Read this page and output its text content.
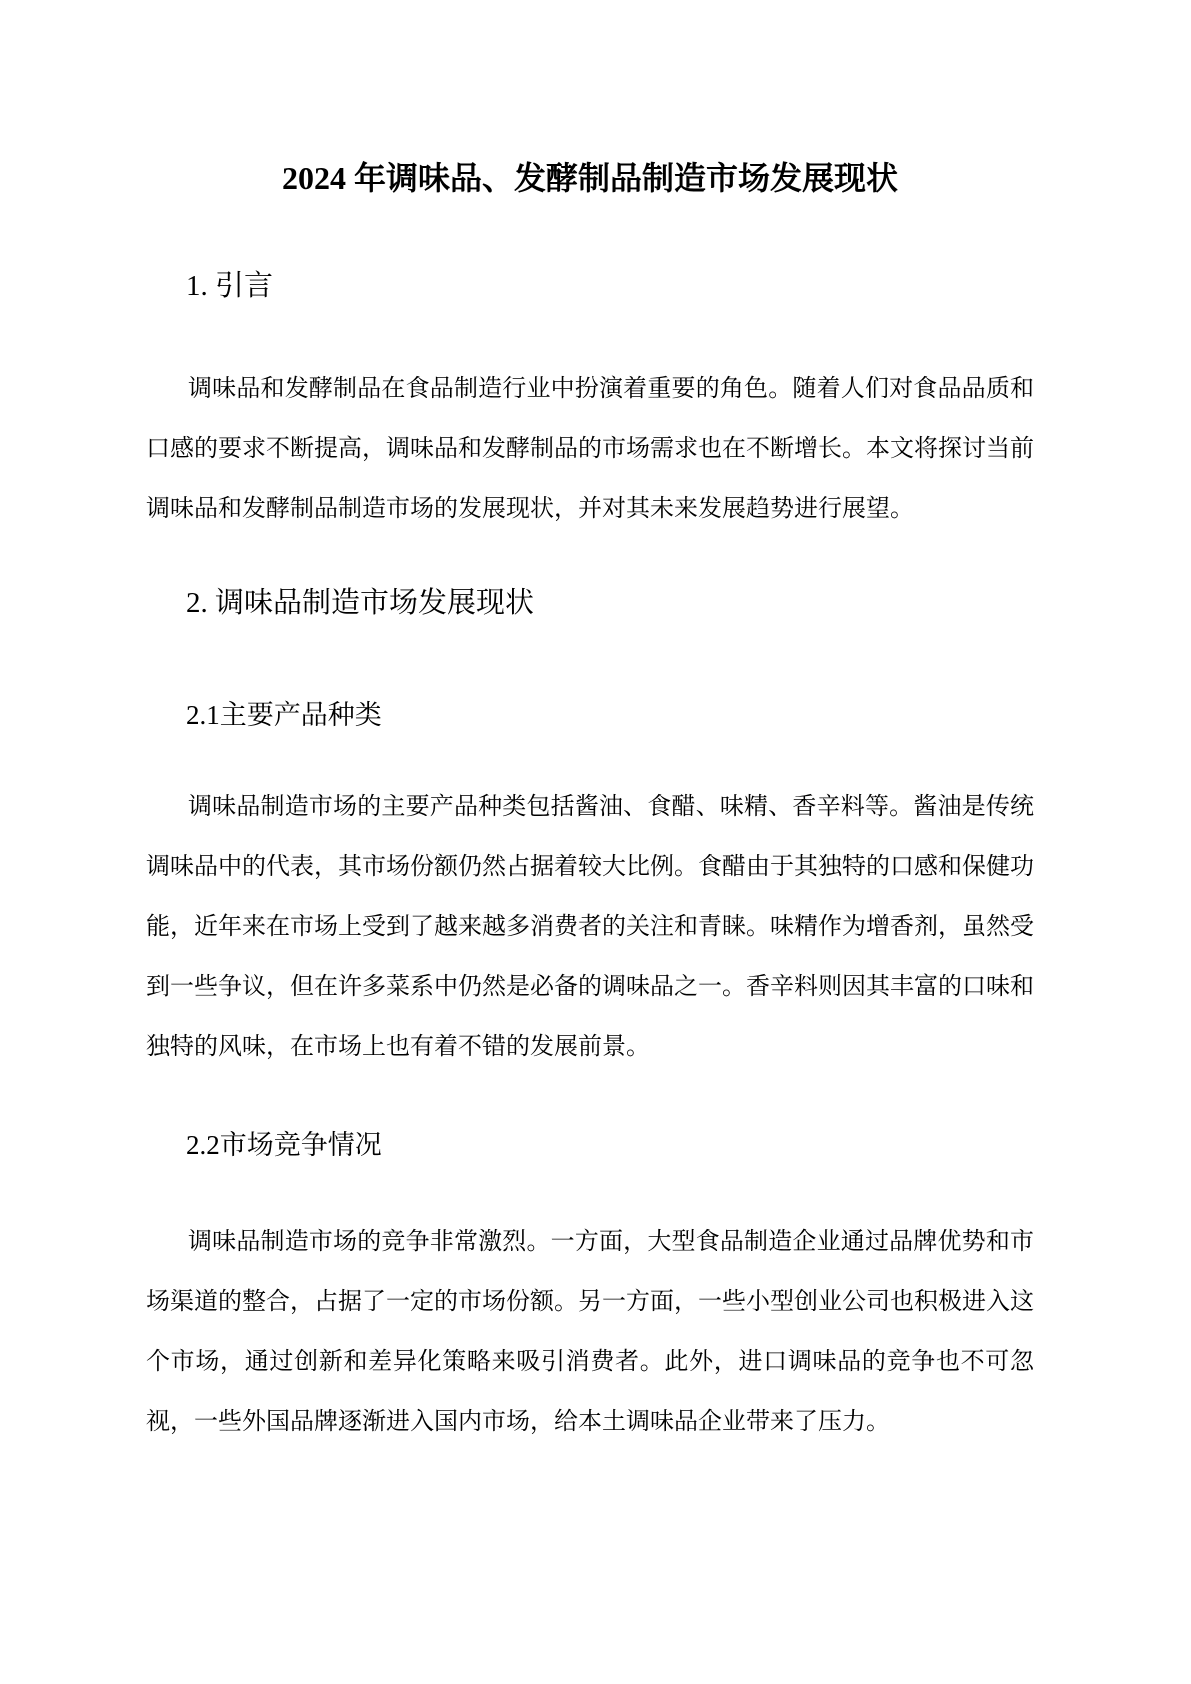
2024 年调味品、发酵制品制造市场发展现状
1. 引言

调味品和发酵制品在食品制造行业中扮演着重要的角色。随着人们对食品品质和口感的要求不断提高，调味品和发酵制品的市场需求也在不断增长。本文将探讨当前调味品和发酵制品制造市场的发展现状，并对其未来发展趋势进行展望。

2. 调味品制造市场发展现状
2.1主要产品种类

调味品制造市场的主要产品种类包括酱油、食醋、味精、香辛料等。酱油是传统调味品中的代表，其市场份额仍然占据着较大比例。食醋由于其独特的口感和保健功能，近年来在市场上受到了越来越多消费者的关注和青睐。味精作为增香剂，虽然受到一些争议，但在许多菜系中仍然是必备的调味品之一。香辛料则因其丰富的口味和独特的风味，在市场上也有着不错的发展前景。

2.2市场竞争情况

调味品制造市场的竞争非常激烈。一方面，大型食品制造企业通过品牌优势和市场渠道的整合，占据了一定的市场份额。另一方面，一些小型创业公司也积极进入这个市场，通过创新和差异化策略来吸引消费者。此外，进口调味品的竞争也不可忽视，一些外国品牌逐渐进入国内市场，给本土调味品企业带来了压力。
